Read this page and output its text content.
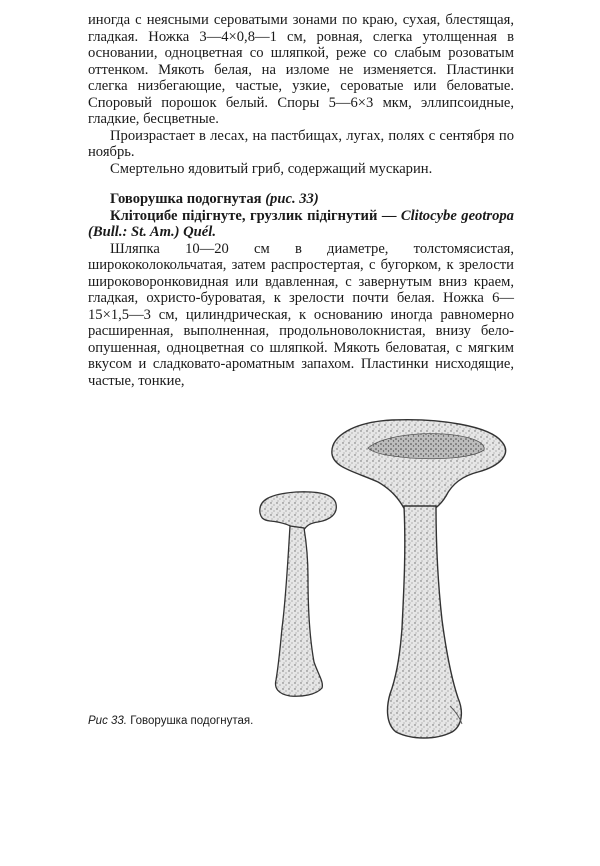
иногда с неясными сероватыми зонами по краю, сухая, блестящая, гладкая. Ножка 3—4×0,8—1 см, ровная, слегка утолщенная в основании, одноцветная со шляпкой, реже со слабым розоватым оттенком. Мякоть белая, на изломе не изменяется. Пластинки слегка низбегающие, частые, узкие, сероватые или беловатые. Споровый порошок белый. Споры 5—6×3 мкм, эллипсоидные, гладкие, бесцветные.

Произрастает в лесах, на пастбищах, лугах, полях с сентября по ноябрь.

Смертельно ядовитый гриб, содержащий мускарин.

Говорушка подогнутая (рис. 33)

Клітоцибе підігнуте, грузлик підігнутий — Clitocybe geotropa (Bull.: St. Am.) Quél.

Шляпка 10—20 см в диаметре, толстомясистая, ширококолокольчатая, затем распростертая, с бугорком, к зрелости широковоронковидная или вдавленная, с завернутым вниз краем, гладкая, охристо-буроватая, к зрелости почти белая. Ножка 6—15×1,5—3 см, цилиндрическая, к основанию иногда равномерно расширенная, выполненная, продольноволокнистая, внизу бело-опушенная, одноцветная со шляпкой. Мякоть беловатая, с мягким вкусом и сладковато-ароматным запахом. Пластинки нисходящие, частые, тонкие,

Рис 33. Говорушка подогнутая.
